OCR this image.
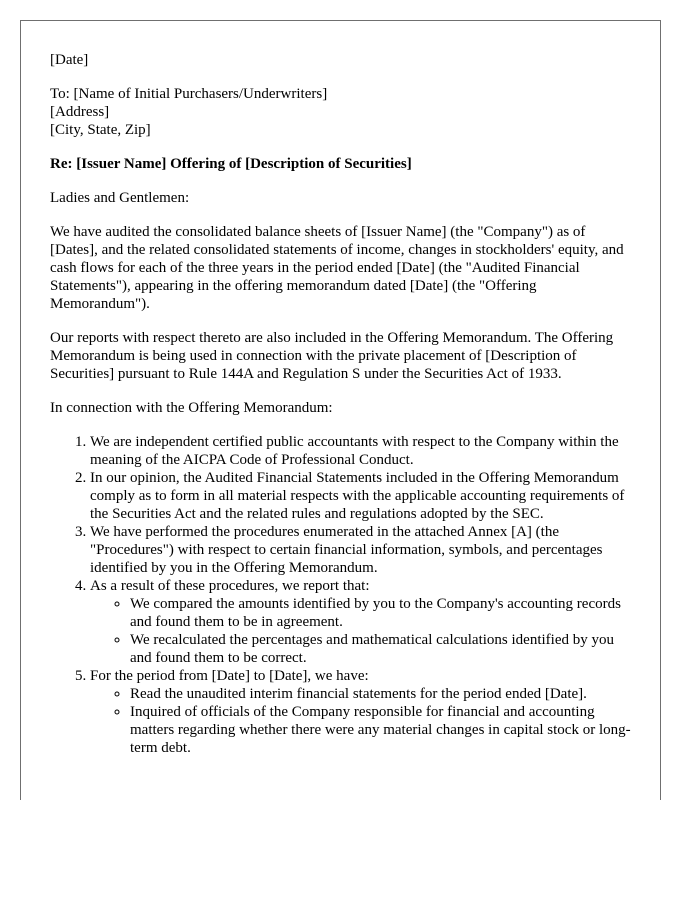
[Date]

To: [Name of Initial Purchasers/Underwriters]
[Address]
[City, State, Zip]

Re: [Issuer Name] Offering of [Description of Securities]

Ladies and Gentlemen:

We have audited the consolidated balance sheets of [Issuer Name] (the "Company") as of [Dates], and the related consolidated statements of income, changes in stockholders' equity, and cash flows for each of the three years in the period ended [Date] (the "Audited Financial Statements"), appearing in the offering memorandum dated [Date] (the "Offering Memorandum").

Our reports with respect thereto are also included in the Offering Memorandum. The Offering Memorandum is being used in connection with the private placement of [Description of Securities] pursuant to Rule 144A and Regulation S under the Securities Act of 1933.

In connection with the Offering Memorandum:

1. We are independent certified public accountants with respect to the Company within the meaning of the AICPA Code of Professional Conduct.
2. In our opinion, the Audited Financial Statements included in the Offering Memorandum comply as to form in all material respects with the applicable accounting requirements of the Securities Act and the related rules and regulations adopted by the SEC.
3. We have performed the procedures enumerated in the attached Annex [A] (the "Procedures") with respect to certain financial information, symbols, and percentages identified by you in the Offering Memorandum.
4. As a result of these procedures, we report that:
◦ We compared the amounts identified by you to the Company's accounting records and found them to be in agreement.
◦ We recalculated the percentages and mathematical calculations identified by you and found them to be correct.
5. For the period from [Date] to [Date], we have:
◦ Read the unaudited interim financial statements for the period ended [Date].
◦ Inquired of officials of the Company responsible for financial and accounting matters regarding whether there were any material changes in capital stock or long-term debt.
